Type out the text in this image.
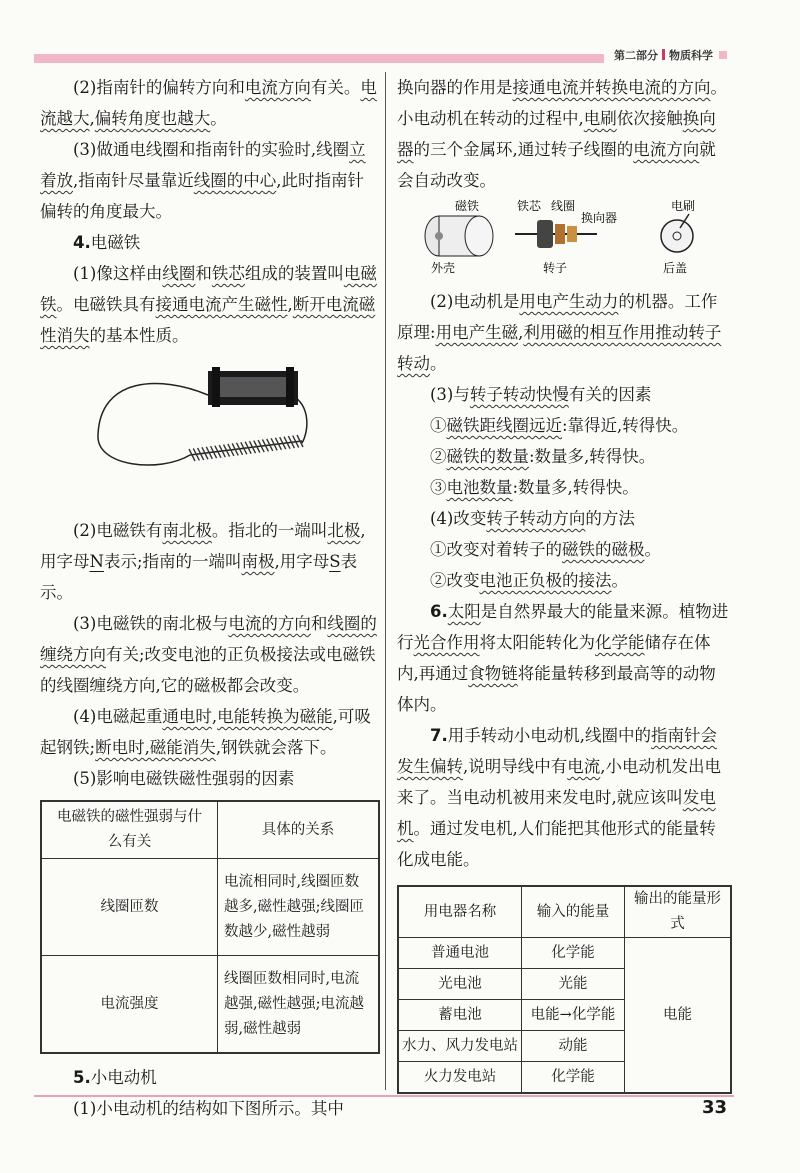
第二部分 物质科学

(2)指南针的偏转方向和电流方向有关。电流越大,偏转角度也越大。

(3)做通电线圈和指南针的实验时,线圈立着放,指南针尽量靠近线圈的中心,此时指南针偏转的角度最大。

4.电磁铁

(1)像这样由线圈和铁芯组成的装置叫电磁铁。电磁铁具有接通电流产生磁性,断开电流磁性消失的基本性质。

(2)电磁铁有南北极。指北的一端叫北极,用字母N表示;指南的一端叫南极,用字母S表示。

(3)电磁铁的南北极与电流的方向和线圈的缠绕方向有关;改变电池的正负极接法或电磁铁的线圈缠绕方向,它的磁极都会改变。

(4)电磁起重通电时,电能转换为磁能,可吸起钢铁;断电时,磁能消失,钢铁就会落下。

(5)影响电磁铁磁性强弱的因素

电磁铁的磁性强弱与什么有关	具体的关系
线圈匝数	电流相同时,线圈匝数越多,磁性越强;线圈匝数越少,磁性越弱
电流强度	线圈匝数相同时,电流越强,磁性越强;电流越弱,磁性越弱

5.小电动机

(1)小电动机的结构如下图所示。其中

换向器的作用是接通电流并转换电流的方向。小电动机在转动的过程中,电刷依次接触换向器的三个金属环,通过转子线圈的电流方向就会自动改变。

磁铁	铁芯 线圈
换向器
电刷
外壳	转子	后盖

(2)电动机是用电产生动力的机器。工作原理:用电产生磁,利用磁的相互作用推动转子转动。

(3)与转子转动快慢有关的因素

①磁铁距线圈远近:靠得近,转得快。

②磁铁的数量:数量多,转得快。

③电池数量:数量多,转得快。

(4)改变转子转动方向的方法

①改变对着转子的磁铁的磁极。

②改变电池正负极的接法。

6.太阳是自然界最大的能量来源。植物进行光合作用将太阳能转化为化学能储存在体内,再通过食物链将能量转移到最高等的动物体内。

7.用手转动小电动机,线圈中的指南针会发生偏转,说明导线中有电流,小电动机发出电来了。当电动机被用来发电时,就应该叫发电机。通过发电机,人们能把其他形式的能量转化成电能。

用电器名称	输入的能量	输出的能量形式
普通电池	化学能	电能
光电池	光能	
蓄电池	电能→化学能	
水力、风力发电站	动能	
火力发电站	化学能	
33
